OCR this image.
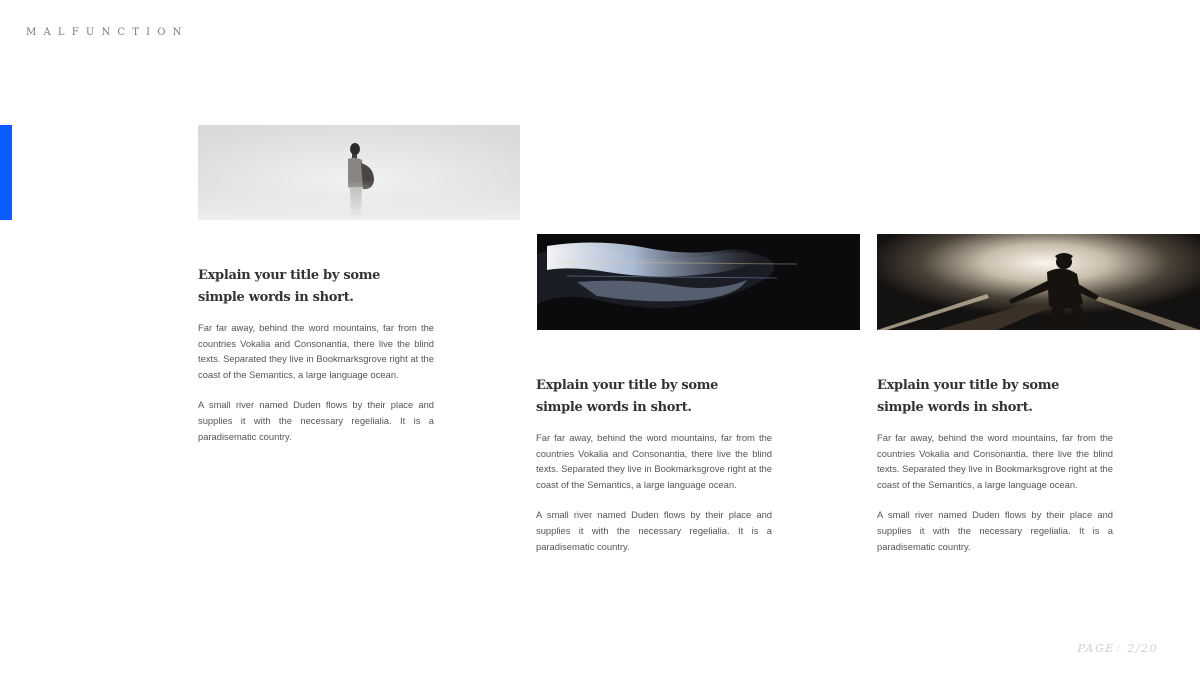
MALFUNCTION
Explain your title by some simple words in short.

Far far away, behind the word mountains, far from the countries Vokalia and Consonantia, there live the blind texts. Separated they live in Bookmarksgrove right at the coast of the Semantics, a large language ocean.

A small river named Duden flows by their place and supplies it with the necessary regelialia. It is a paradisematic country.

Explain your title by some simple words in short.

Far far away, behind the word mountains, far from the countries Vokalia and Consonantia, there live the blind texts. Separated they live in Bookmarksgrove right at the coast of the Semantics, a large language ocean.

A small river named Duden flows by their place and supplies it with the necessary regelialia. It is a paradisematic country.

Explain your title by some simple words in short.

Far far away, behind the word mountains, far from the countries Vokalia and Consonantia, there live the blind texts. Separated they live in Bookmarksgrove right at the coast of the Semantics, a large language ocean.

A small river named Duden flows by their place and supplies it with the necessary regelialia. It is a paradisematic country.

PAGE：2/20
